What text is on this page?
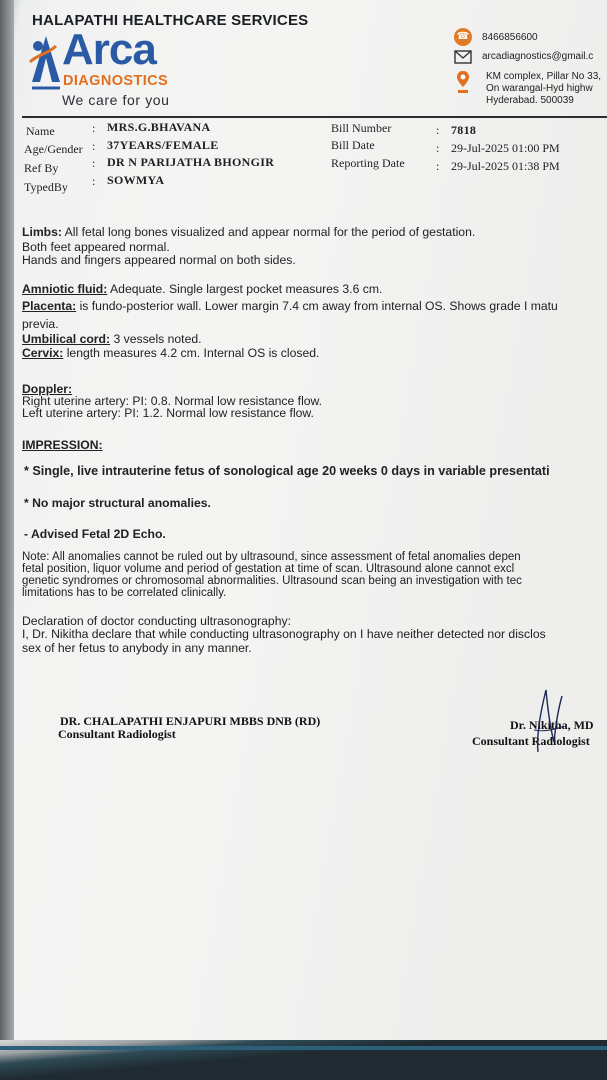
HALAPATHI HEALTHCARE SERVICES
Arca
DIAGNOSTICS
We care for you
☎ 8466856600
arcadiagnostics@gmail.c
KM complex, Pillar No 33,
On warangal-Hyd highw
Hyderabad. 500039
Name	: MRS.G.BHAVANA
Age/Gender : 37YEARS/FEMALE
Ref By	: DR N PARIJATHA BHONGIR
TypedBy : SOWMYA
Bill Number	: 7818
Bill Date	: 29-Jul-2025 01:00 PM
Reporting Date	: 29-Jul-2025 01:38 PM
Limbs: All fetal long bones visualized and appear normal for the period of gestation.
Both feet appeared normal.
Hands and fingers appeared normal on both sides.
Amniotic fluid: Adequate. Single largest pocket measures 3.6 cm.
Placenta: is fundo-posterior wall. Lower margin 7.4 cm away from internal OS. Shows grade I matu
previa.
Umbilical cord: 3 vessels noted.
Cervix: length measures 4.2 cm. Internal OS is closed.
Doppler:
Right uterine artery: PI: 0.8. Normal low resistance flow.
Left uterine artery: PI: 1.2. Normal low resistance flow.
IMPRESSION:
* Single, live intrauterine fetus of sonological age 20 weeks 0 days in variable presentati
* No major structural anomalies.
- Advised Fetal 2D Echo.
Note: All anomalies cannot be ruled out by ultrasound, since assessment of fetal anomalies depen
fetal position, liquor volume and period of gestation at time of scan. Ultrasound alone cannot excl
genetic syndromes or chromosomal abnormalities. Ultrasound scan being an investigation with tec
limitations has to be correlated clinically.
Declaration of doctor conducting ultrasonography:
I, Dr. Nikitha declare that while conducting ultrasonography on I have neither detected nor disclos
sex of her fetus to anybody in any manner.
DR. CHALAPATHI ENJAPURI MBBS DNB (RD)
Consultant Radiologist
Dr. Nikitha, MD
Consultant Radiologist
